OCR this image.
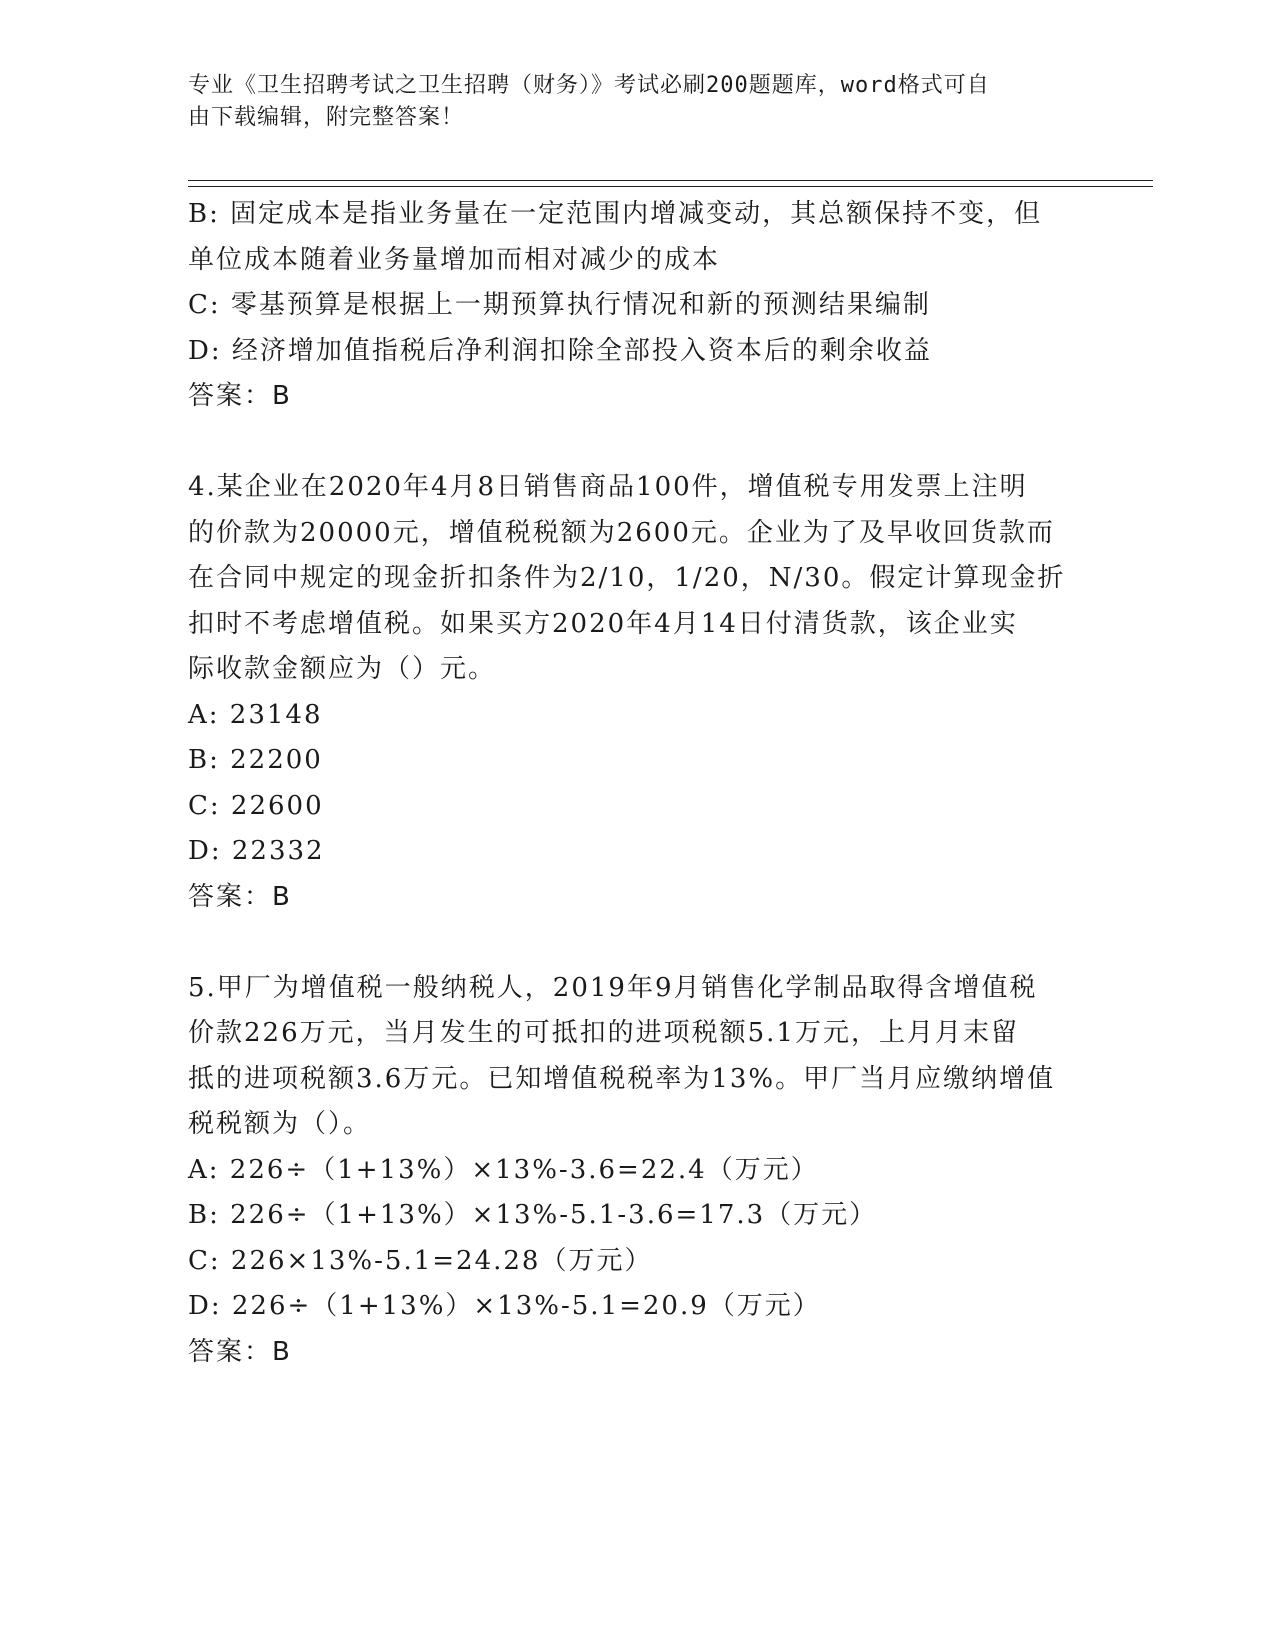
专业《卫生招聘考试之卫生招聘（财务）》考试必刷200题题库，word格式可自
由下载编辑，附完整答案！
B: 固定成本是指业务量在一定范围内增减变动，其总额保持不变，但
单位成本随着业务量增加而相对减少的成本
C: 零基预算是根据上一期预算执行情况和新的预测结果编制
D: 经济增加值指税后净利润扣除全部投入资本后的剩余收益
答案：B
4.某企业在2020年4月8日销售商品100件，增值税专用发票上注明
的价款为20000元，增值税税额为2600元。企业为了及早收回货款而
在合同中规定的现金折扣条件为2/10，1/20，N/30。假定计算现金折
扣时不考虑增值税。如果买方2020年4月14日付清货款，该企业实
际收款金额应为（）元。
A: 23148
B: 22200
C: 22600
D: 22332
答案：B
5.甲厂为增值税一般纳税人，2019年9月销售化学制品取得含增值税
价款226万元，当月发生的可抵扣的进项税额5.1万元，上月月末留
抵的进项税额3.6万元。已知增值税税率为13%。甲厂当月应缴纳增值
税税额为（）。
A: 226÷（1+13%）×13%-3.6=22.4（万元）
B: 226÷（1+13%）×13%-5.1-3.6=17.3（万元）
C: 226×13%-5.1=24.28（万元）
D: 226÷（1+13%）×13%-5.1=20.9（万元）
答案：B
